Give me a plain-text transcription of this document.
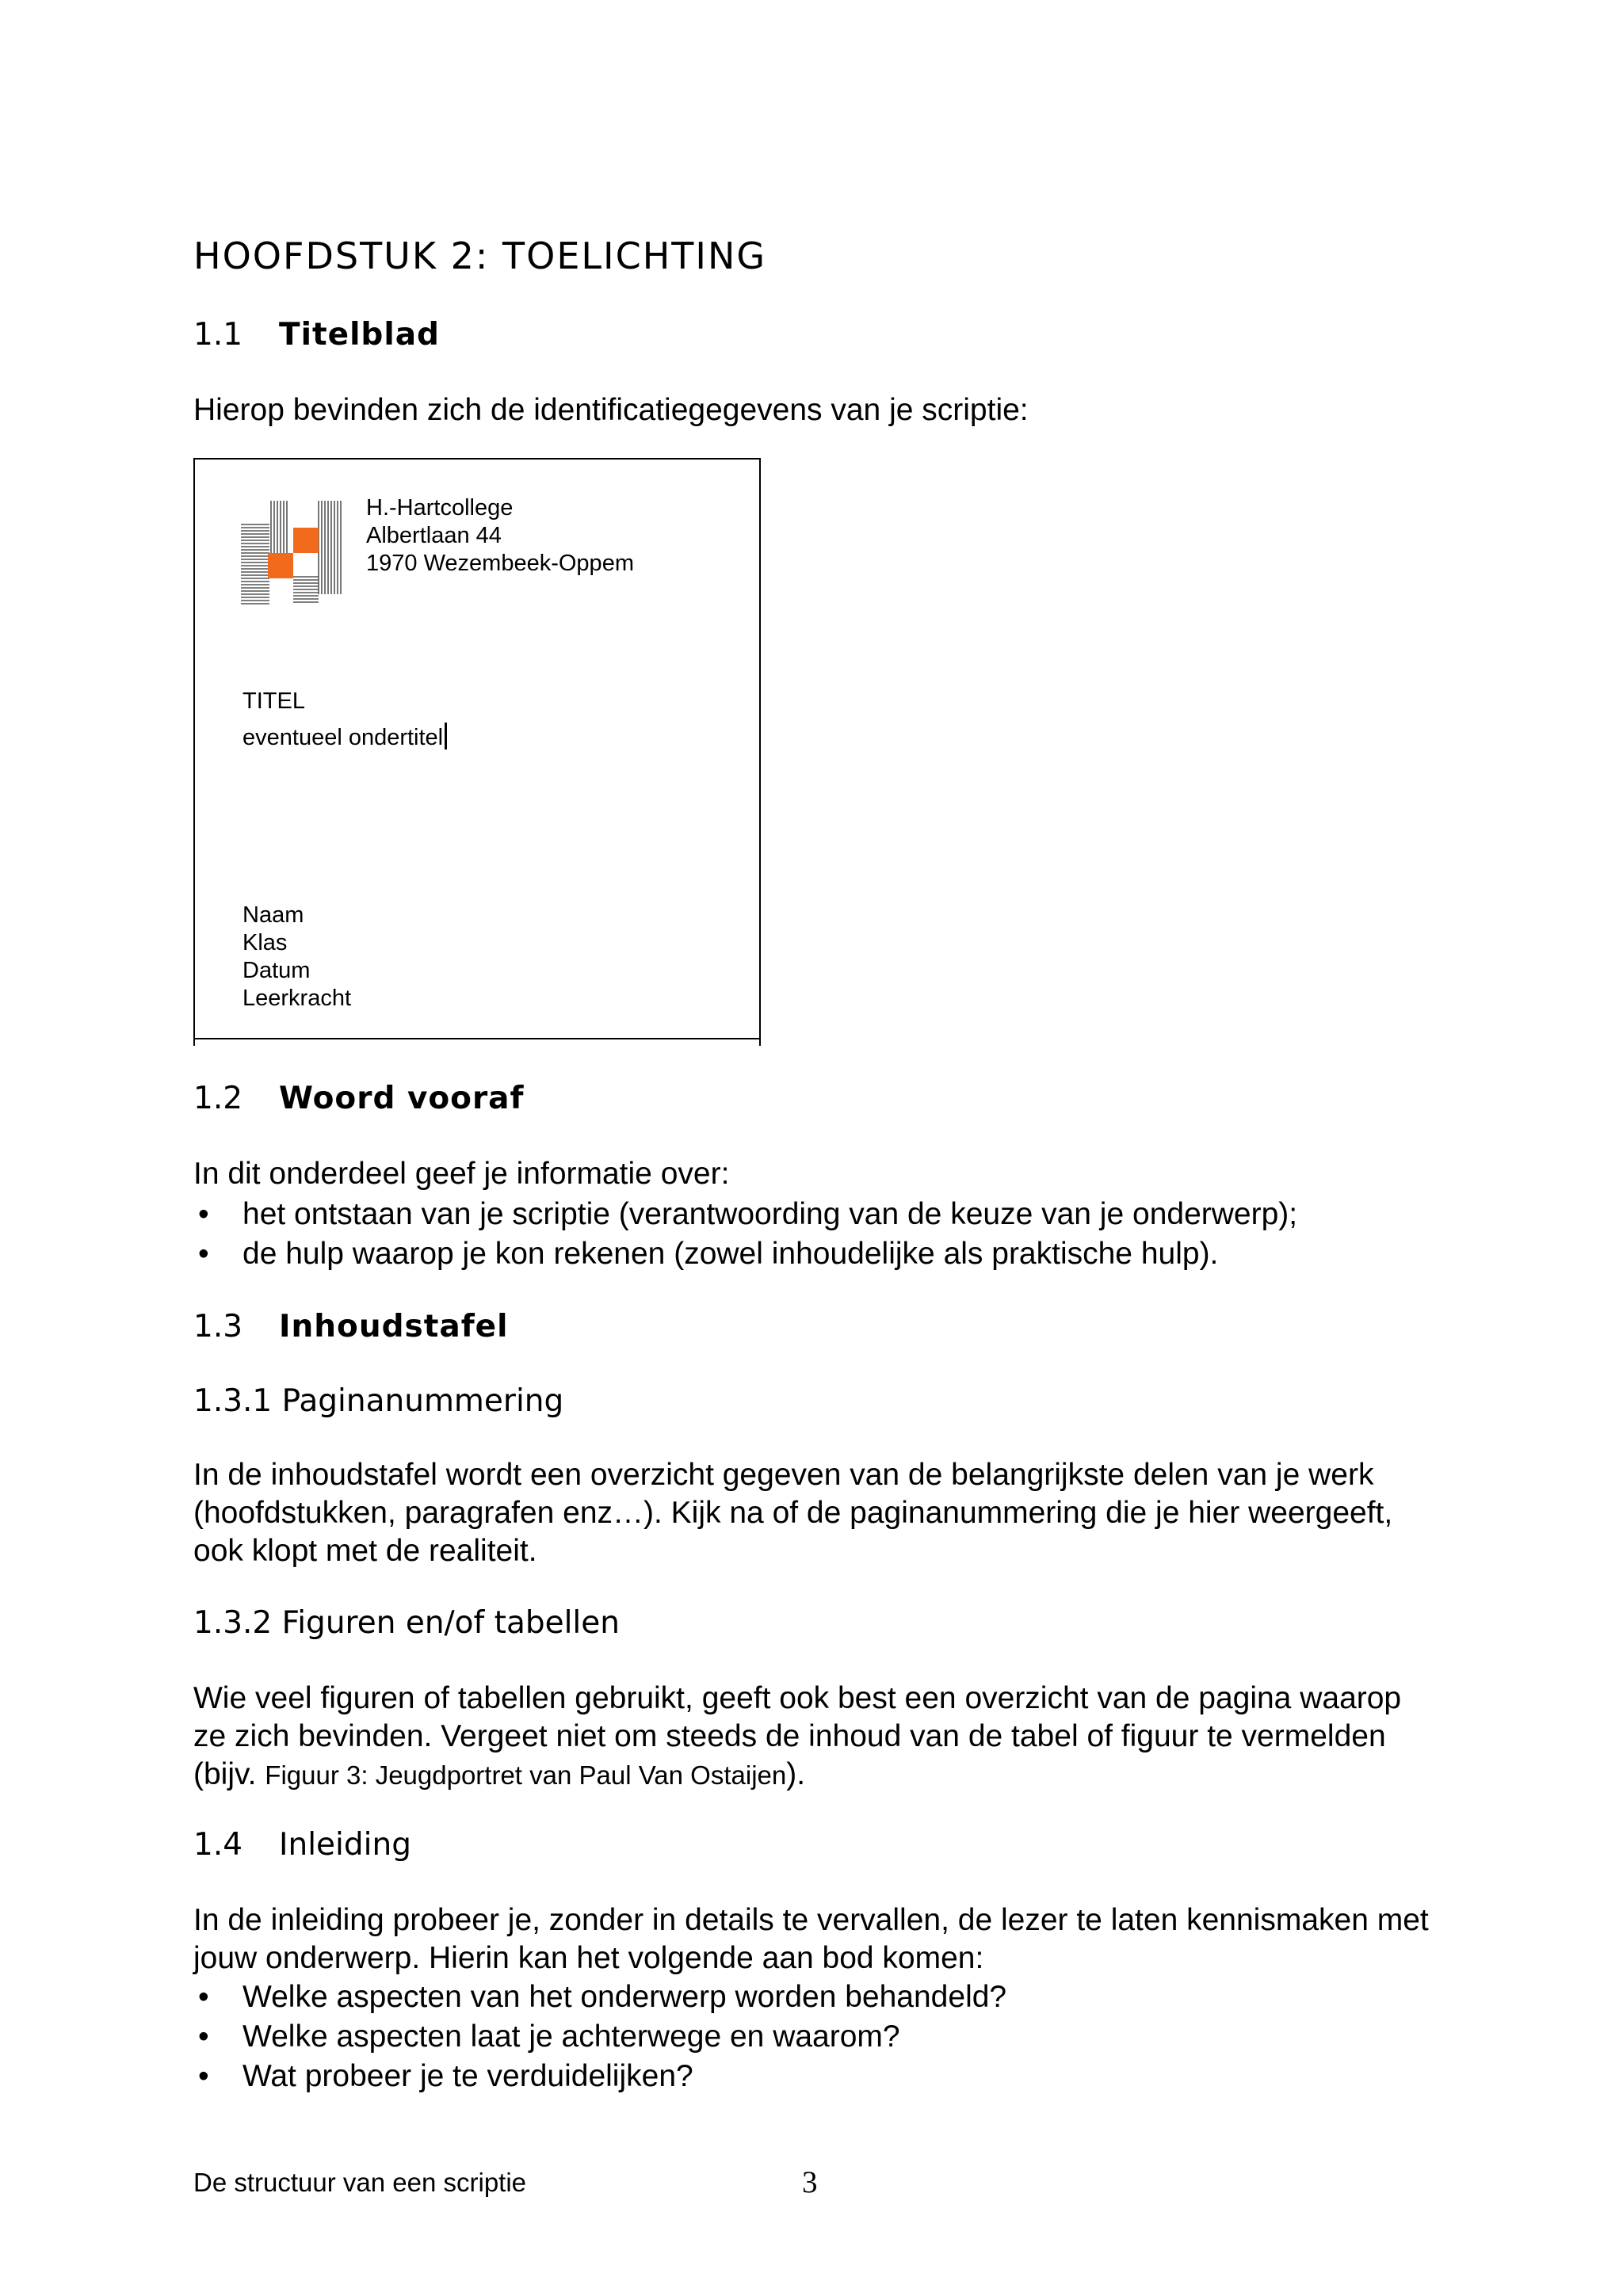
HOOFDSTUK 2: TOELICHTING
1.1 Titelblad

Hierop bevinden zich de identificatiegegevens van je scriptie:

H.-Hartcollege
Albertlaan 44
1970 Wezembeek-Oppem
TITEL
eventueel ondertitel
Naam
Klas
Datum
Leerkracht
1.2 Woord vooraf

In dit onderdeel geef je informatie over:

• het ontstaan van je scriptie (verantwoording van de keuze van je onderwerp);
• de hulp waarop je kon rekenen (zowel inhoudelijke als praktische hulp).
1.3 Inhoudstafel
1.3.1 Paginanummering

In de inhoudstafel wordt een overzicht gegeven van de belangrijkste delen van je werk (hoofdstukken, paragrafen enz…). Kijk na of de paginanummering die je hier weergeeft, ook klopt met de realiteit.

1.3.2 Figuren en/of tabellen

Wie veel figuren of tabellen gebruikt, geeft ook best een overzicht van de pagina waarop ze zich bevinden. Vergeet niet om steeds de inhoud van de tabel of figuur te vermelden (bijv. Figuur 3: Jeugdportret van Paul Van Ostaijen).

1.4 Inleiding

In de inleiding probeer je, zonder in details te vervallen, de lezer te laten kennismaken met jouw onderwerp. Hierin kan het volgende aan bod komen:

• Welke aspecten van het onderwerp worden behandeld?
• Welke aspecten laat je achterwege en waarom?
• Wat probeer je te verduidelijken?

De structuur van een scriptie	3
